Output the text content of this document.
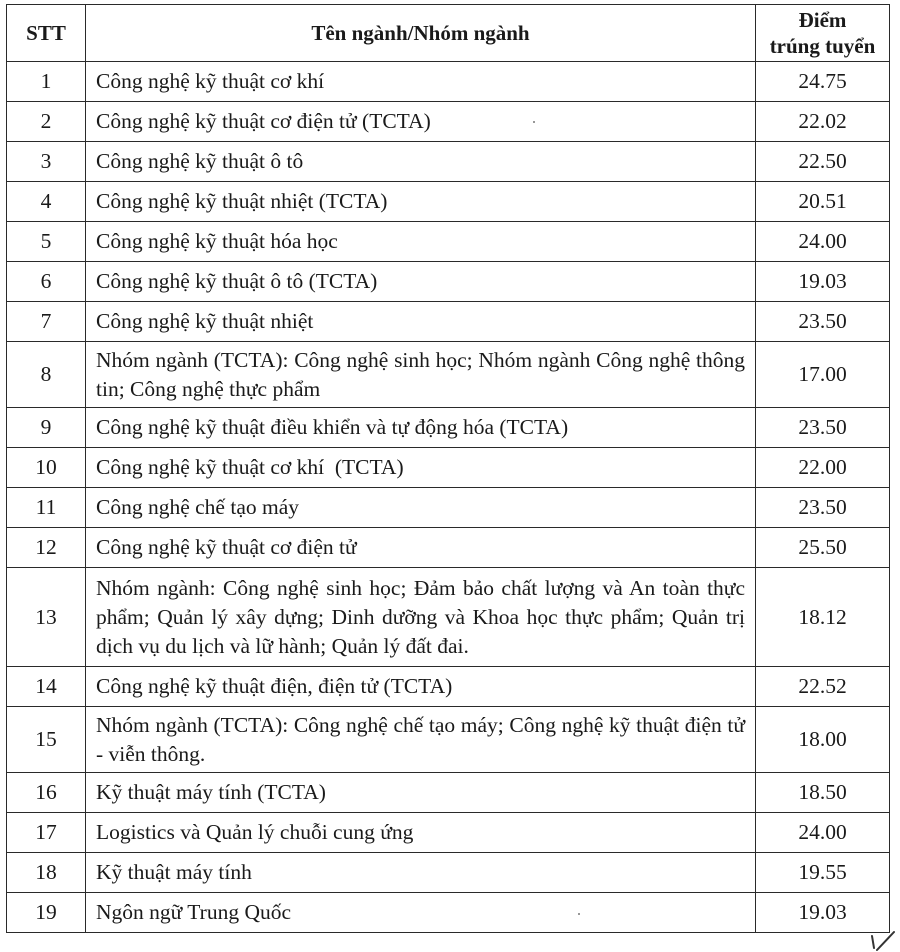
STT	Tên ngành/Nhóm ngành	Điểm
trúng tuyển
1	Công nghệ kỹ thuật cơ khí	24.75
2	Công nghệ kỹ thuật cơ điện tử (TCTA)	22.02
3	Công nghệ kỹ thuật ô tô	22.50
4	Công nghệ kỹ thuật nhiệt (TCTA)	20.51
5	Công nghệ kỹ thuật hóa học	24.00
6	Công nghệ kỹ thuật ô tô (TCTA)	19.03
7	Công nghệ kỹ thuật nhiệt	23.50
8	Nhóm ngành (TCTA): Công nghệ sinh học; Nhóm ngành Công nghệ thông tin; Công nghệ thực phẩm	17.00
9	Công nghệ kỹ thuật điều khiển và tự động hóa (TCTA)	23.50
10	Công nghệ kỹ thuật cơ khí  (TCTA)	22.00
11	Công nghệ chế tạo máy	23.50
12	Công nghệ kỹ thuật cơ điện tử	25.50
13	Nhóm ngành: Công nghệ sinh học; Đảm bảo chất lượng và An toàn thực phẩm; Quản lý xây dựng; Dinh dưỡng và Khoa học thực phẩm; Quản trị dịch vụ du lịch và lữ hành; Quản lý đất đai.	18.12
14	Công nghệ kỹ thuật điện, điện tử (TCTA)	22.52
15	Nhóm ngành (TCTA): Công nghệ chế tạo máy; Công nghệ kỹ thuật điện tử - viễn thông.	18.00
16	Kỹ thuật máy tính (TCTA)	18.50
17	Logistics và Quản lý chuỗi cung ứng	24.00
18	Kỹ thuật máy tính	19.55
19	Ngôn ngữ Trung Quốc	19.03
